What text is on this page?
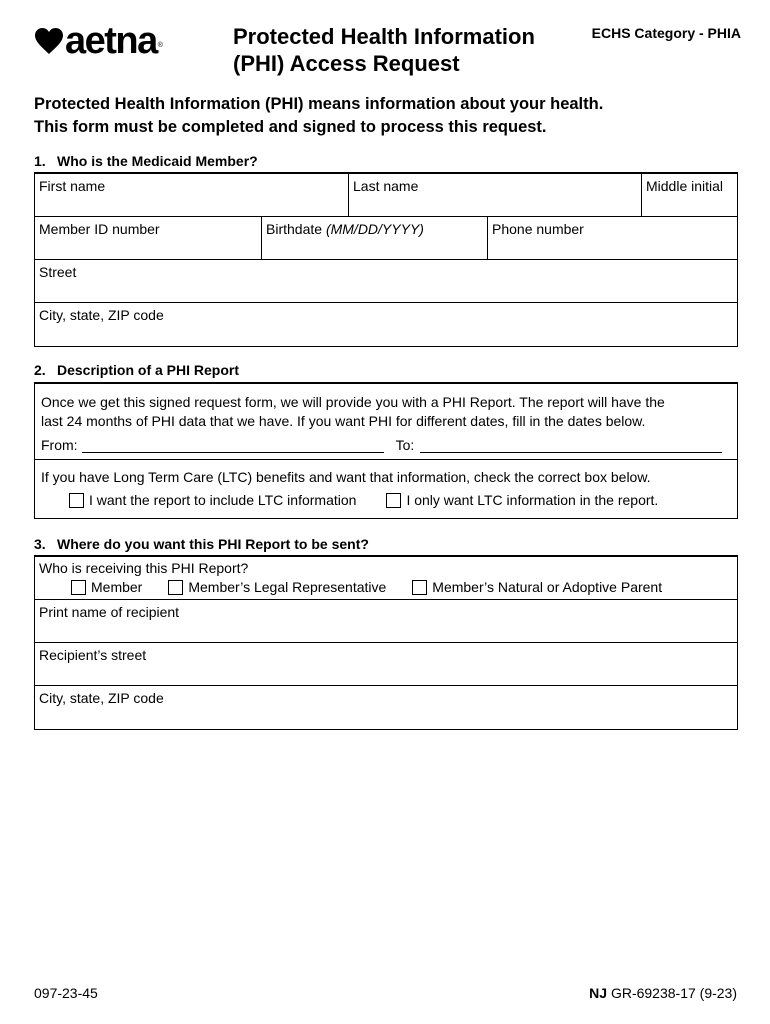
aetna ®	Protected Health Information
(PHI) Access Request
ECHS Category - PHIA
Protected Health Information (PHI) means information about your health.
This form must be completed and signed to process this request.
1. Who is the Medicaid Member?
First name	Last name	Middle initial
Member ID number	Birthdate (MM/DD/YYYY)	Phone number
Street
City, state, ZIP code
2. Description of a PHI Report
Once we get this signed request form, we will provide you with a PHI Report. The report will have the
last 24 months of PHI data that we have. If you want PHI for different dates, fill in the dates below.
From:	To:
If you have Long Term Care (LTC) benefits and want that information, check the correct box below.
I want the report to include LTC information	I only want LTC information in the report.
3. Where do you want this PHI Report to be sent?
Who is receiving this PHI Report?
Member	Member’s Legal Representative	Member’s Natural or Adoptive Parent
Print name of recipient
Recipient’s street
City, state, ZIP code
097-23-45	NJ GR-69238-17 (9-23)
